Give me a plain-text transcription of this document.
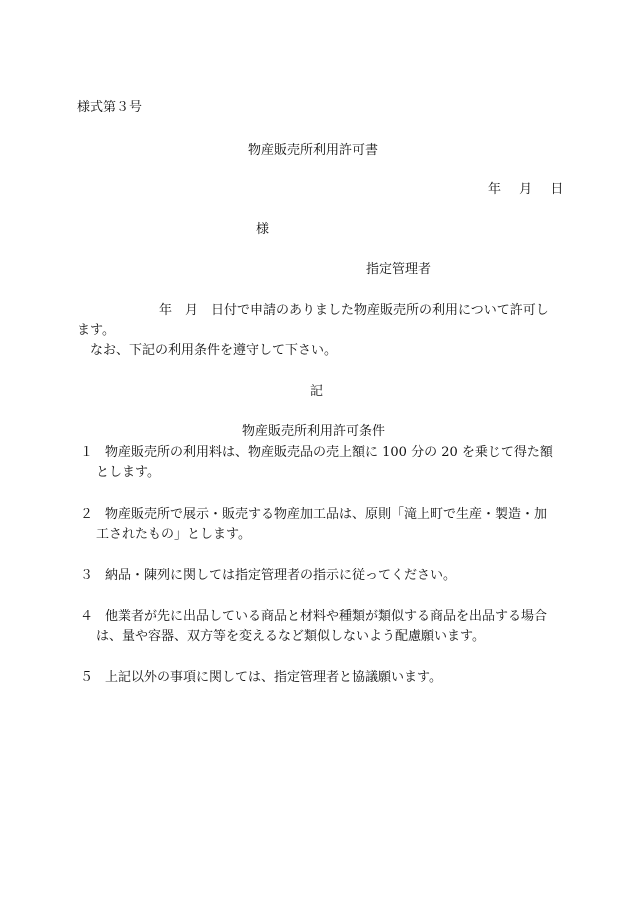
様式第３号
物産販売所利用許可書
年 月 日
様
指定管理者
年　月　日付で申請のありました物産販売所の利用について許可します。
なお、下記の利用条件を遵守して下さい。
記
物産販売所利用許可条件
１ 物産販売所の利用料は、物産販売品の売上額に 100 分の 20 を乗じて得た額とします。
２ 物産販売所で展示・販売する物産加工品は、原則「滝上町で生産・製造・加工されたもの」とします。
３ 納品・陳列に関しては指定管理者の指示に従ってください。
４ 他業者が先に出品している商品と材料や種類が類似する商品を出品する場合は、量や容器、双方等を変えるなど類似しないよう配慮願います。
５ 上記以外の事項に関しては、指定管理者と協議願います。
